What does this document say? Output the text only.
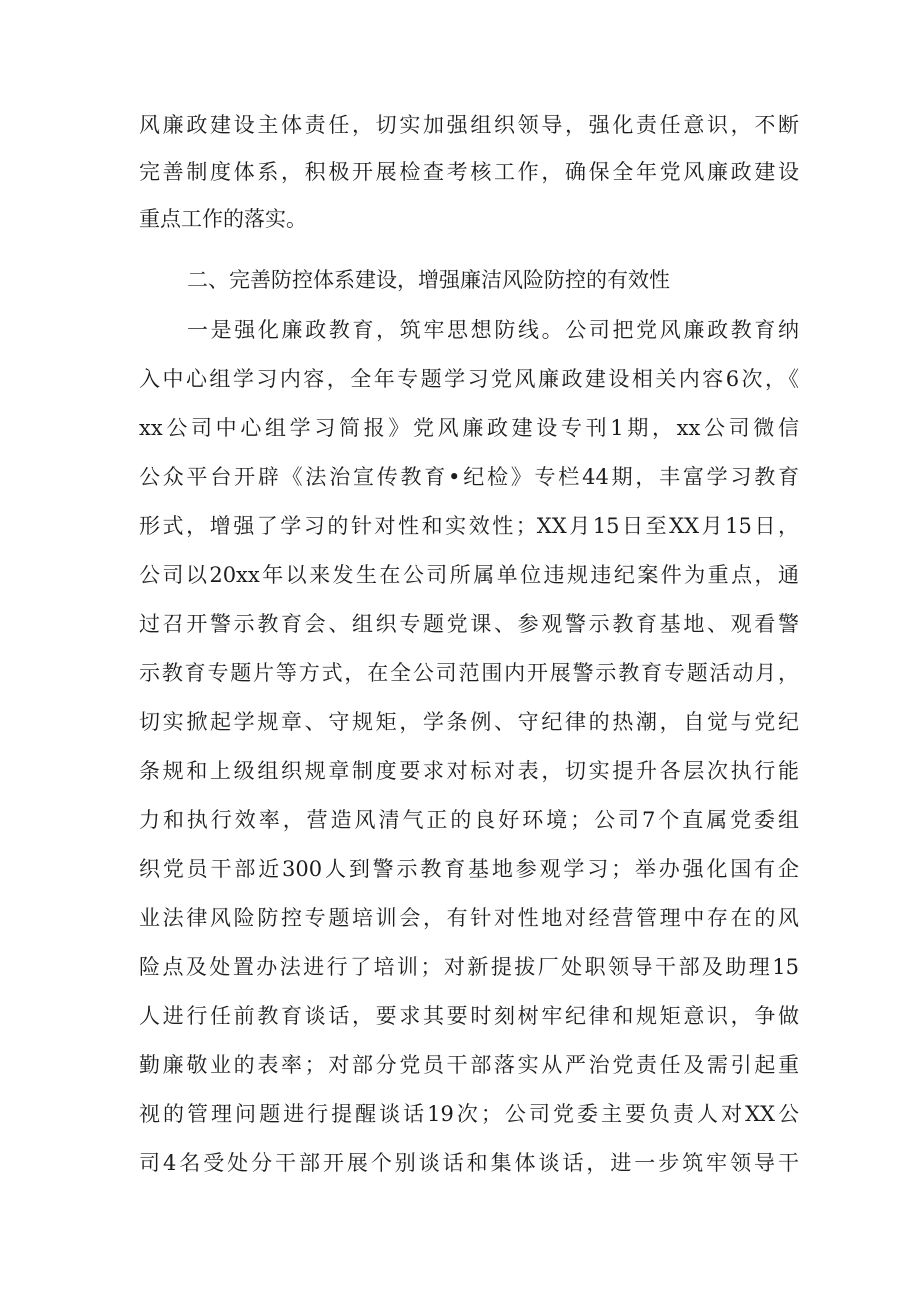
风廉政建设主体责任，切实加强组织领导，强化责任意识，不断
完善制度体系，积极开展检查考核工作，确保全年党风廉政建设
重点工作的落实。
二、完善防控体系建设，增强廉洁风险防控的有效性
一是强化廉政教育，筑牢思想防线。公司把党风廉政教育纳
入中心组学习内容，全年专题学习党风廉政建设相关内容6次，《
xx公司中心组学习简报》党风廉政建设专刊1期，xx公司微信
公众平台开辟《法治宣传教育•纪检》专栏44期，丰富学习教育
形式，增强了学习的针对性和实效性；XX月15日至XX月15日，
公司以20xx年以来发生在公司所属单位违规违纪案件为重点，通
过召开警示教育会、组织专题党课、参观警示教育基地、观看警
示教育专题片等方式，在全公司范围内开展警示教育专题活动月，
切实掀起学规章、守规矩，学条例、守纪律的热潮，自觉与党纪
条规和上级组织规章制度要求对标对表，切实提升各层次执行能
力和执行效率，营造风清气正的良好环境；公司7个直属党委组
织党员干部近300人到警示教育基地参观学习；举办强化国有企
业法律风险防控专题培训会，有针对性地对经营管理中存在的风
险点及处置办法进行了培训；对新提拔厂处职领导干部及助理15
人进行任前教育谈话，要求其要时刻树牢纪律和规矩意识，争做
勤廉敬业的表率；对部分党员干部落实从严治党责任及需引起重
视的管理问题进行提醒谈话19次；公司党委主要负责人对XX公
司4名受处分干部开展个别谈话和集体谈话，进一步筑牢领导干
